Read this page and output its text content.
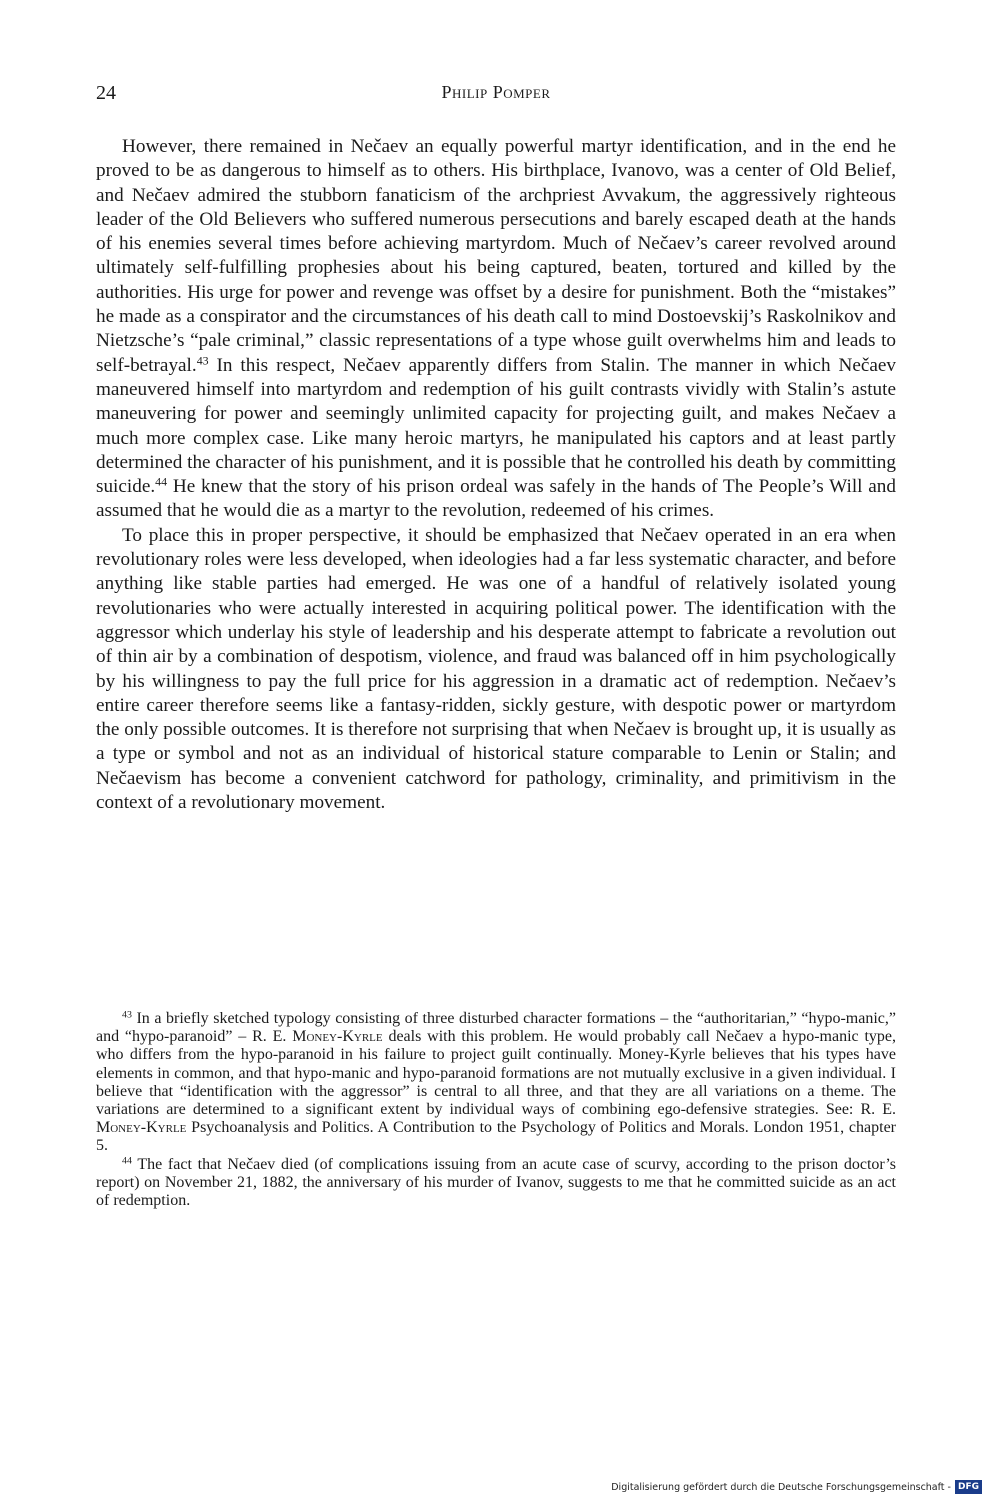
24	Philip Pomper

However, there remained in Nečaev an equally powerful martyr identification, and in the end he proved to be as dangerous to himself as to others. His birthplace, Ivanovo, was a center of Old Belief, and Nečaev admired the stubborn fanaticism of the archpriest Avvakum, the aggressively righteous leader of the Old Believers who suffered numerous persecutions and barely escaped death at the hands of his enemies several times before achieving martyrdom. Much of Nečaev’s career revolved around ultimately self-fulfilling prophesies about his being captured, beaten, tortured and killed by the authorities. His urge for power and revenge was offset by a desire for punishment. Both the “mistakes” he made as a conspirator and the circumstances of his death call to mind Dostoevskij’s Raskolnikov and Nietzsche’s “pale criminal,” classic representations of a type whose guilt overwhelms him and leads to self-betrayal.$^{43}$ In this respect, Nečaev apparently differs from Stalin. The manner in which Nečaev maneuvered himself into martyrdom and redemption of his guilt contrasts vividly with Stalin’s astute maneuvering for power and seemingly unlimited capacity for projecting guilt, and makes Nečaev a much more complex case. Like many heroic martyrs, he manipulated his captors and at least partly determined the character of his punishment, and it is possible that he controlled his death by committing suicide.$^{44}$ He knew that the story of his prison ordeal was safely in the hands of The People’s Will and assumed that he would die as a martyr to the revolution, redeemed of his crimes.

To place this in proper perspective, it should be emphasized that Nečaev operated in an era when revolutionary roles were less developed, when ideologies had a far less systematic character, and before anything like stable parties had emerged. He was one of a handful of relatively isolated young revolutionaries who were actually interested in acquiring political power. The identification with the aggressor which underlay his style of leadership and his desperate attempt to fabricate a revolution out of thin air by a combination of despotism, violence, and fraud was balanced off in him psychologically by his willingness to pay the full price for his aggression in a dramatic act of redemption. Nečaev’s entire career therefore seems like a fantasy-ridden, sickly gesture, with despotic power or martyrdom the only possible outcomes. It is therefore not surprising that when Nečaev is brought up, it is usually as a type or symbol and not as an individual of historical stature comparable to Lenin or Stalin; and Nečaevism has become a convenient catchword for pathology, criminality, and primitivism in the context of a revolutionary movement.

$^{43}$ In a briefly sketched typology consisting of three disturbed character formations – the “authoritarian,” “hypo-manic,” and “hypo-paranoid” – R. E. Money-Kyrle deals with this problem. He would probably call Nečaev a hypo-manic type, who differs from the hypo-paranoid in his failure to project guilt continually. Money-Kyrle believes that his types have elements in common, and that hypo-manic and hypo-paranoid formations are not mutually exclusive in a given individual. I believe that “identification with the aggressor” is central to all three, and that they are all variations on a theme. The variations are determined to a significant extent by individual ways of combining ego-defensive strategies. See: R. E. Money-Kyrle Psychoanalysis and Politics. A Contribution to the Psychology of Politics and Morals. London 1951, chapter 5.

$^{44}$ The fact that Nečaev died (of complications issuing from an acute case of scurvy, according to the prison doctor’s report) on November 21, 1882, the anniversary of his murder of Ivanov, suggests to me that he committed suicide as an act of redemption.

Digitalisierung gefördert durch die Deutsche Forschungsgemeinschaft - DFG
